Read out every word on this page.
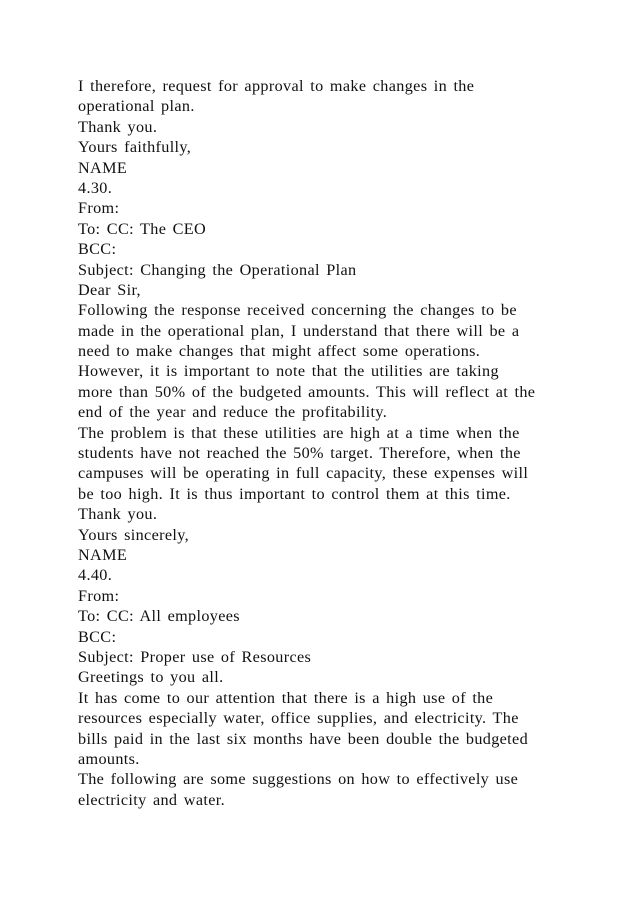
I therefore, request for approval to make changes in the
operational plan.
Thank you.
Yours faithfully,
NAME
4.30.
From:
To: CC: The CEO
BCC:
Subject: Changing the Operational Plan
Dear Sir,
Following the response received concerning the changes to be
made in the operational plan, I understand that there will be a
need to make changes that might affect some operations.
However, it is important to note that the utilities are taking
more than 50% of the budgeted amounts. This will reflect at the
end of the year and reduce the profitability.
The problem is that these utilities are high at a time when the
students have not reached the 50% target. Therefore, when the
campuses will be operating in full capacity, these expenses will
be too high. It is thus important to control them at this time.
Thank you.
Yours sincerely,
NAME
4.40.
From:
To: CC: All employees
BCC:
Subject: Proper use of Resources
Greetings to you all.
It has come to our attention that there is a high use of the
resources especially water, office supplies, and electricity. The
bills paid in the last six months have been double the budgeted
amounts.
The following are some suggestions on how to effectively use
electricity and water.
